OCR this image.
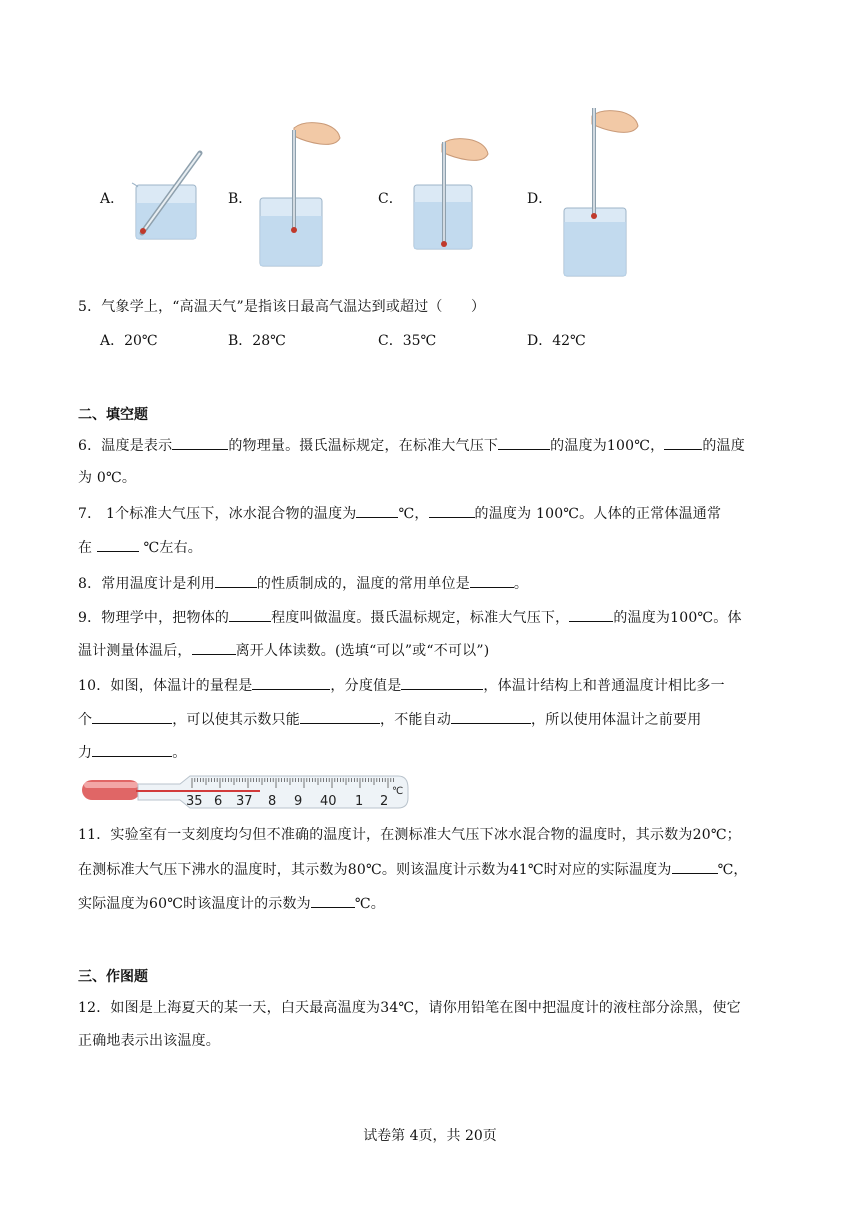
A．	B．	C．	D．
5．气象学上，“高温天气”是指该日最高气温达到或超过（　　）
A．20℃	B．28℃	C．35℃	D．42℃
二、填空题
6．温度是表示	的物理量。摄氏温标规定，在标准大气压下	的温度为100℃，	的温度
为 0℃。
7． 1个标准大气压下，冰水混合物的温度为	℃，	的温度为 100℃。人体的正常体温通常
在	℃左右。
8．常用温度计是利用	的性质制成的，温度的常用单位是	。
9．物理学中，把物体的	程度叫做温度。摄氏温标规定，标准大气压下，	的温度为100℃。体
温计测量体温后，	离开人体读数。(选填“可以”或“不可以”)
10．如图，体温计的量程是	，分度值是	，体温计结构上和普通温度计相比多一
个	，可以使其示数只能	，不能自动	，所以使用体温计之前要用
力	。
35 6 37 8 9 40 1 2
℃
11．实验室有一支刻度均匀但不准确的温度计，在测标准大气压下冰水混合物的温度时，其示数为20℃；
在测标准大气压下沸水的温度时，其示数为80℃。则该温度计示数为41℃时对应的实际温度为	℃，
实际温度为60℃时该温度计的示数为	℃。
三、作图题
12．如图是上海夏天的某一天，白天最高温度为34℃，请你用铅笔在图中把温度计的液柱部分涂黑，使它
正确地表示出该温度。
试卷第 4页，共 20页
